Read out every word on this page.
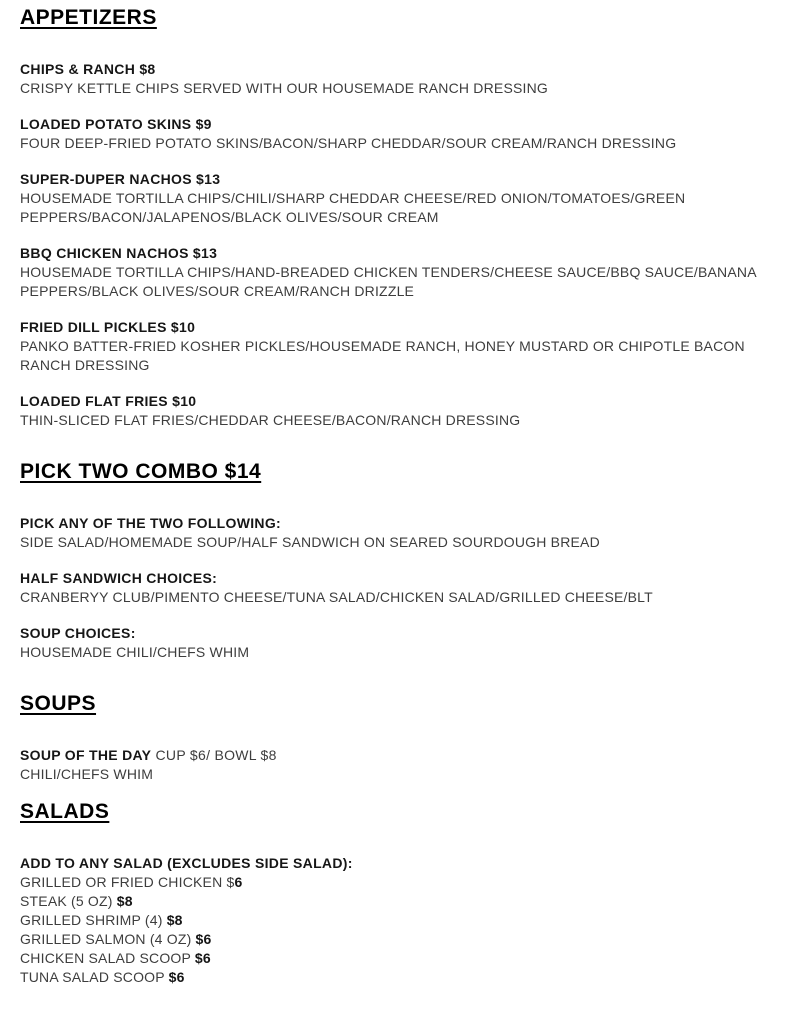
APPETIZERS
CHIPS & RANCH $8
CRISPY KETTLE CHIPS SERVED WITH OUR HOUSEMADE RANCH DRESSING
LOADED POTATO SKINS $9
FOUR DEEP-FRIED POTATO SKINS/BACON/SHARP CHEDDAR/SOUR CREAM/RANCH DRESSING
SUPER-DUPER NACHOS $13
HOUSEMADE TORTILLA CHIPS/CHILI/SHARP CHEDDAR CHEESE/RED ONION/TOMATOES/GREEN PEPPERS/BACON/JALAPENOS/BLACK OLIVES/SOUR CREAM
BBQ CHICKEN NACHOS $13
HOUSEMADE TORTILLA CHIPS/HAND-BREADED CHICKEN TENDERS/CHEESE SAUCE/BBQ SAUCE/BANANA PEPPERS/BLACK OLIVES/SOUR CREAM/RANCH DRIZZLE
FRIED DILL PICKLES $10
PANKO BATTER-FRIED KOSHER PICKLES/HOUSEMADE RANCH, HONEY MUSTARD OR CHIPOTLE BACON RANCH DRESSING
LOADED FLAT FRIES $10
THIN-SLICED FLAT FRIES/CHEDDAR CHEESE/BACON/RANCH DRESSING
PICK TWO COMBO $14
PICK ANY OF THE TWO FOLLOWING:
SIDE SALAD/HOMEMADE SOUP/HALF SANDWICH ON SEARED SOURDOUGH BREAD
HALF SANDWICH CHOICES:
CRANBERYY CLUB/PIMENTO CHEESE/TUNA SALAD/CHICKEN SALAD/GRILLED CHEESE/BLT
SOUP CHOICES:
HOUSEMADE CHILI/CHEFS WHIM
SOUPS
SOUP OF THE DAY CUP $6/ BOWL $8
CHILI/CHEFS WHIM
SALADS
ADD TO ANY SALAD (EXCLUDES SIDE SALAD):
GRILLED OR FRIED CHICKEN $6
STEAK (5 OZ) $8
GRILLED SHRIMP (4) $8
GRILLED SALMON (4 OZ) $6
CHICKEN SALAD SCOOP $6
TUNA SALAD SCOOP $6
